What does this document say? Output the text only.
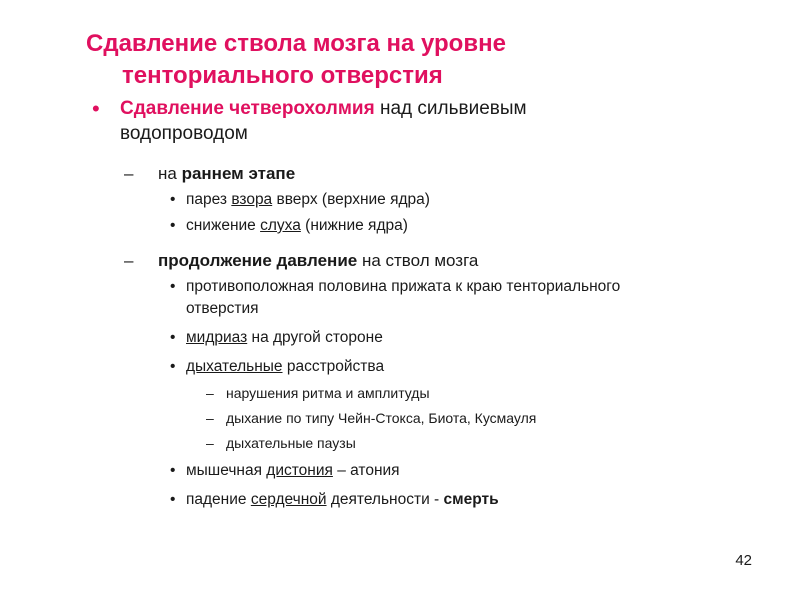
Сдавление ствола мозга на уровне
тенториального отверстия
• Сдавление четверохолмия над сильвиевым
водопроводом
– на раннем этапе
• парез взора вверх (верхние ядра)
• снижение слуха (нижние ядра)
– продолжение давление на ствол мозга
• противоположная половина прижата к краю тенториального
отверстия
• мидриаз на другой стороне
• дыхательные расстройства
– нарушения ритма и амплитуды
– дыхание по типу Чейн-Стокса, Биота, Кусмауля
– дыхательные паузы
• мышечная дистония – атония
• падение сердечной деятельности - смерть
42
